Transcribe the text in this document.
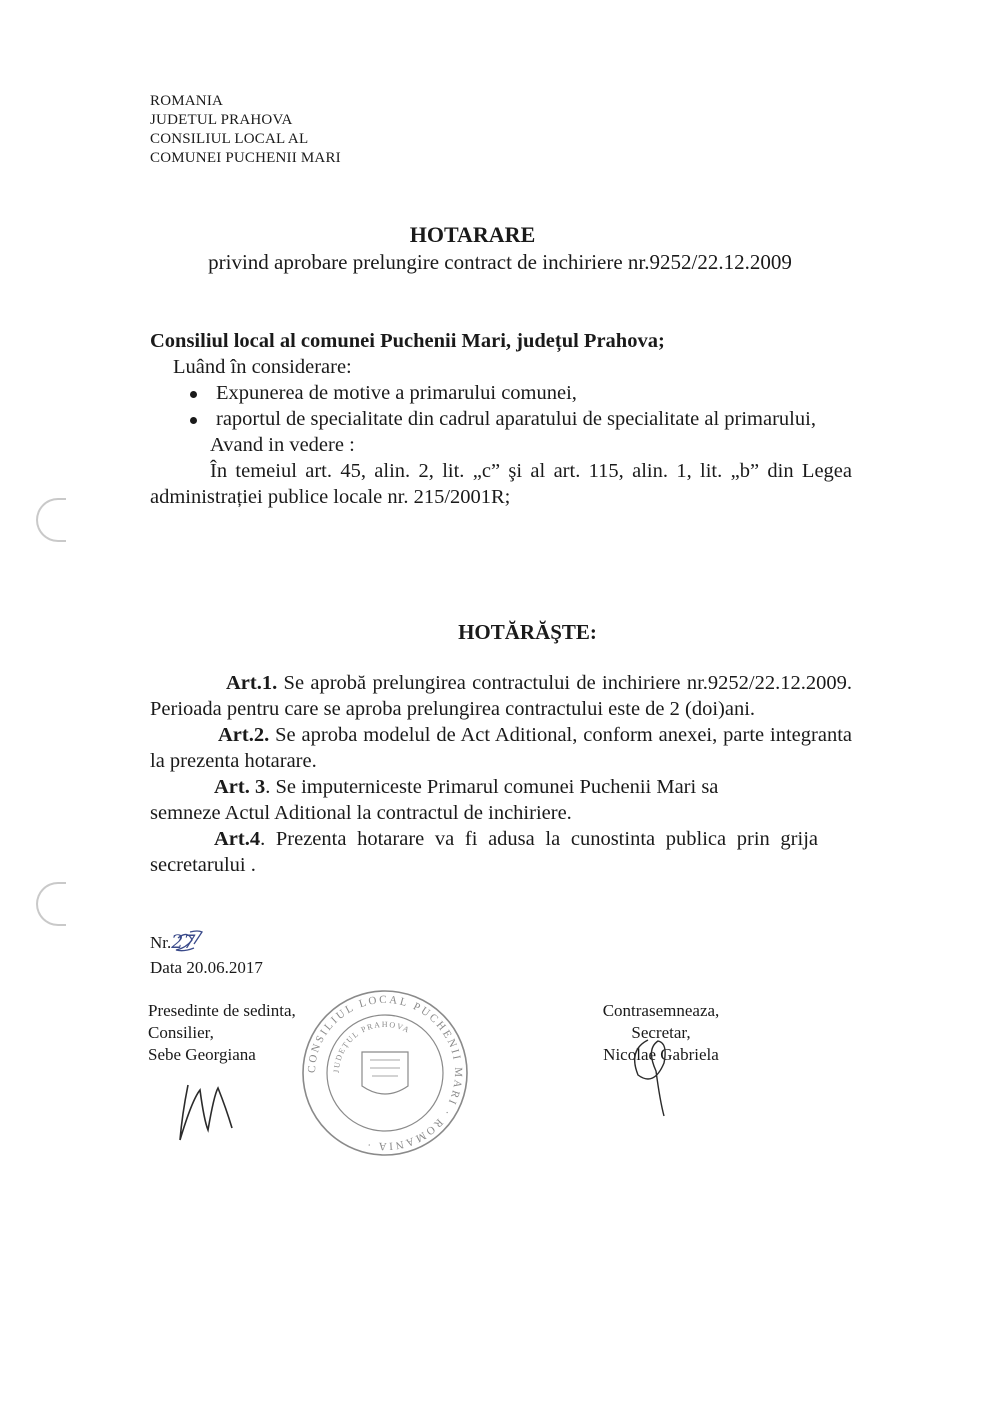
ROMANIA
JUDETUL PRAHOVA
CONSILIUL LOCAL AL
COMUNEI PUCHENII MARI
HOTARARE
privind aprobare prelungire contract de inchiriere nr.9252/22.12.2009
Consiliul local al comunei Puchenii Mari, județul Prahova;
Luând în considerare:
Expunerea de motive a primarului comunei,
raportul de specialitate din cadrul aparatului de specialitate al primarului,
Avand in vedere :
În temeiul art. 45, alin. 2, lit. „c” şi al art. 115, alin. 1, lit. „b” din Legea administrației publice locale nr. 215/2001R;
HOTĂRĂŞTE:
Art.1. Se aprobă prelungirea contractului de inchiriere nr.9252/22.12.2009. Perioada pentru care se aproba prelungirea contractului este de 2 (doi)ani.
Art.2. Se aproba modelul de Act Aditional, conform anexei, parte integranta la prezenta hotarare.
Art. 3. Se imputerniceste Primarul comunei Puchenii Mari sa semneze Actul Aditional la contractul de inchiriere.
Art.4. Prezenta hotarare va fi adusa la cunostinta publica prin grija secretarului .
Nr.27
Data 20.06.2017
Presedinte de sedinta,
Consilier,
Sebe Georgiana
Contrasemneaza,
Secretar,
Nicolae Gabriela
CONSILIUL LOCAL PUCHENII MARI · ROMANIA ·
JUDEȚUL PRAHOVA
